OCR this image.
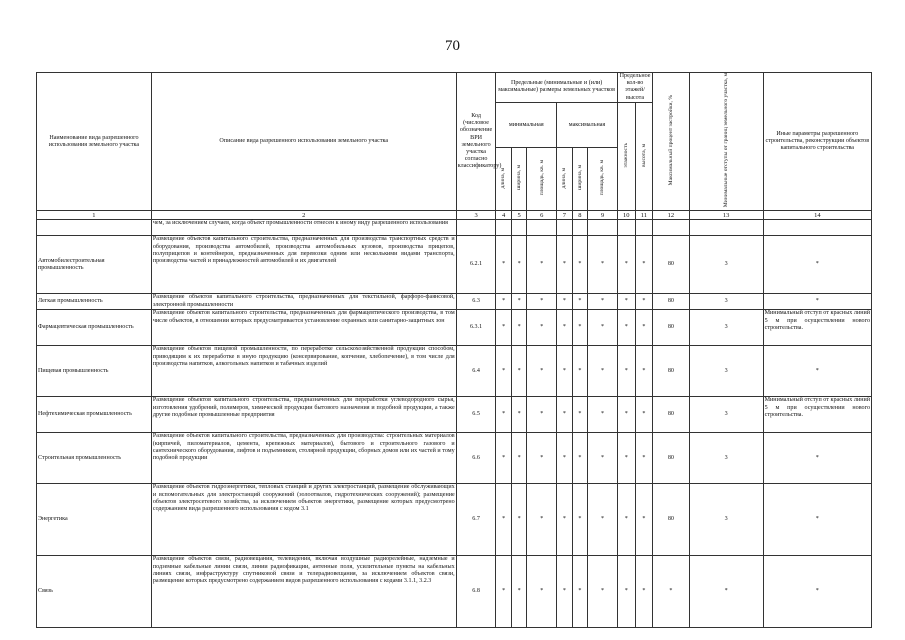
70
Наименование вида разрешенного использования земельного участка	Описание вида разрешенного использования земельного участка	Код (числовое обозначение ВРИ земельного участка согласно классификатору)	Предельные (минимальные и (или) максимальные) размеры земельных участков						Предельное кол-во этажей/высота		Максимальный процент застройки, %	Минимальные отступы от границ земельного участка, м	Иные параметры разрешенного строительства, реконструкции объектов капитального строительства
			минимальная			максимальная			этажность	высота, м			
			длина, м	ширина, м	площадь, кв. м	длина, м	ширина, м	площадь, кв. м					
1	2	3	4	5	6	7	8	9	10	11	12	13	14
	чем, за исключением случаев, когда объект промышленности отнесен к иному виду разрешенного использования												
Автомобилестроительная промышленность	Размещение объектов капитального строительства, предназначенных для производства транспортных средств и оборудования, производства автомобилей, производства автомобильных кузовов, производства прицепов, полуприцепов и контейнеров, предназначенных для перевозки одним или несколькими видами транспорта, производства частей и принадлежностей автомобилей и их двигателей	6.2.1	*	*	*	*	*	*	*	*	80	3	*
Легкая промышленность	Размещение объектов капитального строительства, предназначенных для текстильной, фарфоро-фаянсовой, электронной промышленности	6.3	*	*	*	*	*	*	*	*	80	3	*
Фармацевтическая промышленность	Размещение объектов капитального строительства, предназначенных для фармацевтического производства, в том числе объектов, в отношении которых предусматривается установление охранных или санитарно-защитных зон	6.3.1	*	*	*	*	*	*	*	*	80	3	Минимальный отступ от красных линий 5 м при осуществлении нового строительства.
Пищевая промышленность	Размещение объектов пищевой промышленности, по переработке сельскохозяйственной продукции способом, приводящим к их переработке в иную продукцию (консервирование, копчение, хлебопечение), в том числе для производства напитков, алкогольных напитков и табачных изделий	6.4	*	*	*	*	*	*	*	*	80	3	*
Нефтехимическая промышленность	Размещение объектов капитального строительства, предназначенных для переработки углеводородного сырья, изготовления удобрений, полимеров, химической продукции бытового назначения и подобной продукции, а также другие подобные промышленные предприятия	6.5	*	*	*	*	*	*	*	*	80	3	Минимальный отступ от красных линий 5 м при осуществлении нового строительства.
Строительная промышленность	Размещение объектов капитального строительства, предназначенных для производства: строительных материалов (кирпичей, пиломатериалов, цемента, крепежных материалов), бытового и строительного газового и сантехнического оборудования, лифтов и подъемников, столярной продукции, сборных домов или их частей и тому подобной продукции	6.6	*	*	*	*	*	*	*	*	80	3	*
Энергетика	Размещение объектов гидроэнергетики, тепловых станций и других электростанций, размещение обслуживающих и вспомогательных для электростанций сооружений (золоотвалов, гидротехнических сооружений); размещение объектов электросетевого хозяйства, за исключением объектов энергетики, размещение которых предусмотрено содержанием вида разрешенного использования с кодом 3.1	6.7	*	*	*	*	*	*	*	*	80	3	*
Связь	Размещение объектов связи, радиовещания, телевидения, включая воздушные радиорелейные, надземные и подземные кабельные линии связи, линии радиофикации, антенные поля, усилительные пункты на кабельных линиях связи, инфраструктуру спутниковой связи и телерадиовещания, за исключением объектов связи, размещение которых предусмотрено содержанием видов разрешенного использования с кодами 3.1.1, 3.2.3	6.8	*	*	*	*	*	*	*	*	*	*	*
